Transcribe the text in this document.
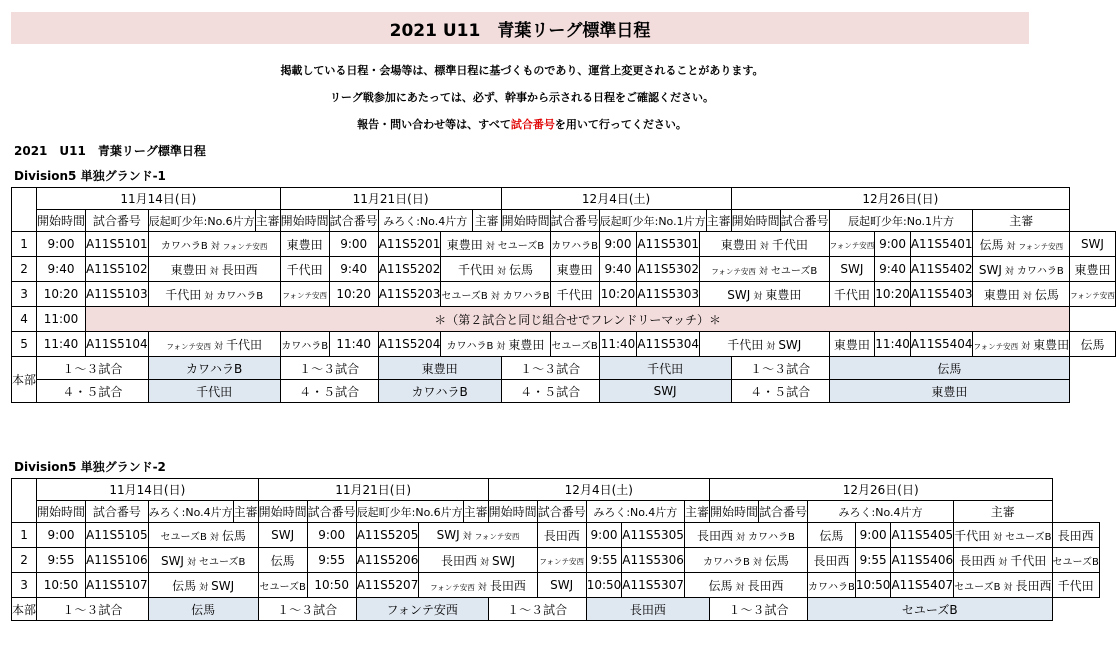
2021 U11　青葉リーグ標準日程
掲載している日程・会場等は、標準日程に基づくものであり、運営上変更されることがあります。
リーグ戦参加にあたっては、必ず、幹事から示される日程をご確認ください。
報告・問い合わせ等は、すべて試合番号を用いて行ってください。
2021　U11　青葉リーグ標準日程
Division5 単独グランド-1
Division5 単独グランド-2
	11月14日(日)				11月21日(日)					12月4日(土)						12月26日(日)						
	開始時間	試合番号	辰起町少年:No.6片方	主審	開始時間	試合番号	みろく:No.4片方		主審	開始時間	試合番号	辰起町少年:No.1片方			主審	開始時間	試合番号	辰起町少年:No.1片方			主審	
1	9:00	A11S5101	カワハラB 対 フォンテ安西		東豊田	9:00	A11S5201	東豊田 対 セユーズB			カワハラB	9:00	A11S5301	東豊田 対 千代田				フォンテ安西	9:00	A11S5401	伝馬 対 フォンテ安西	SWJ
2	9:40	A11S5102	東豊田 対 長田西		千代田	9:40	A11S5202	千代田 対 伝馬			東豊田	9:40	A11S5302	フォンテ安西 対 セユーズB				SWJ	9:40	A11S5402	SWJ 対 カワハラB	東豊田
3	10:20	A11S5103	千代田 対 カワハラB		フォンテ安西	10:20	A11S5203	セユーズB 対 カワハラB			千代田	10:20	A11S5303	SWJ 対 東豊田				千代田	10:20	A11S5403	東豊田 対 伝馬	フォンテ安西
4	11:00	＊（第２試合と同じ組合せでフレンドリーマッチ）＊																				
5	11:40	A11S5104	フォンテ安西 対 千代田		カワハラB	11:40	A11S5204	カワハラB 対 東豊田			セユーズB	11:40	A11S5304	千代田 対 SWJ				東豊田	11:40	A11S5404	フォンテ安西 対 東豊田	伝馬
本部	１～３試合		カワハラB		１～３試合		東豊田			１～３試合		千代田				１～３試合		伝馬				
	４・５試合		千代田		４・５試合		カワハラB			４・５試合		SWJ				４・５試合		東豊田				
	11月14日(日)				11月21日(日)					12月4日(土)					12月26日(日)						
	開始時間	試合番号	みろく:No.4片方	主審	開始時間	試合番号	辰起町少年:No.6片方		主審	開始時間	試合番号	みろく:No.4片方		主審	開始時間	試合番号	みろく:No.4片方			主審	
1	9:00	A11S5105	セユーズB 対 伝馬		SWJ	9:00	A11S5205	SWJ 対 フォンテ安西			長田西	9:00	A11S5305	長田西 対 カワハラB			伝馬	9:00	A11S5405	千代田 対 セユーズB	長田西
2	9:55	A11S5106	SWJ 対 セユーズB		伝馬	9:55	A11S5206	長田西 対 SWJ			フォンテ安西	9:55	A11S5306	カワハラB 対 伝馬			長田西	9:55	A11S5406	長田西 対 千代田	セユーズB
3	10:50	A11S5107	伝馬 対 SWJ		セユーズB	10:50	A11S5207	フォンテ安西 対 長田西			SWJ	10:50	A11S5307	伝馬 対 長田西			カワハラB	10:50	A11S5407	セユーズB 対 長田西	千代田
本部	１～３試合		伝馬		１～３試合		フォンテ安西			１～３試合		長田西			１～３試合		セユーズB				
